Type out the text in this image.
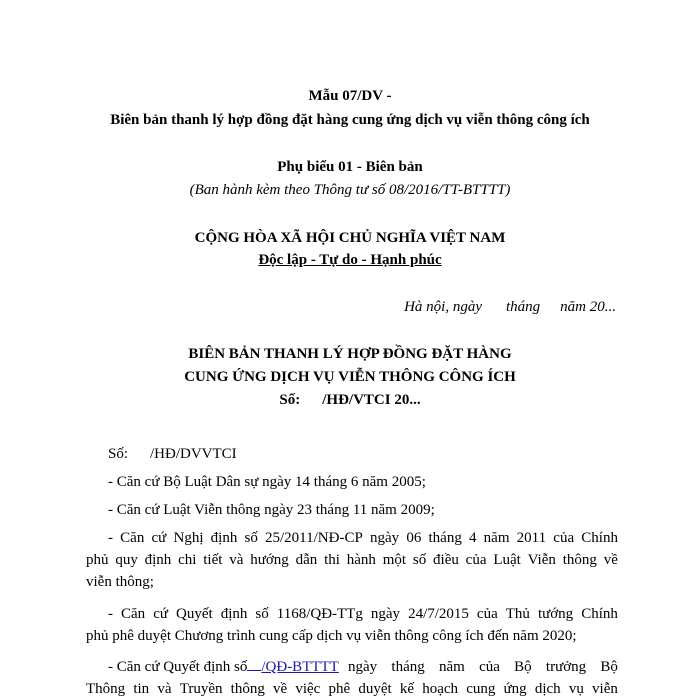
Mẫu 07/DV -
Biên bản thanh lý hợp đồng đặt hàng cung ứng dịch vụ viễn thông công ích
Phụ biểu 01 - Biên bản
(Ban hành kèm theo Thông tư số 08/2016/TT-BTTTT)
CỘNG HÒA XÃ HỘI CHỦ NGHĨA VIỆT NAM
Độc lập - Tự do - Hạnh phúc
Hà nội, ngày tháng năm 20...
BIÊN BẢN THANH LÝ HỢP ĐỒNG ĐẶT HÀNG
CUNG ỨNG DỊCH VỤ VIỄN THÔNG CÔNG ÍCH
Số: /HĐ/VTCI 20...
Số: /HĐ/DVVTCI
- Căn cứ Bộ Luật Dân sự ngày 14 tháng 6 năm 2005;
- Căn cứ Luật Viễn thông ngày 23 tháng 11 năm 2009;
- Căn cứ Nghị định số 25/2011/NĐ-CP ngày 06 tháng 4 năm 2011 của Chính
phủ quy định chi tiết và hướng dẫn thi hành một số điều của Luật Viễn thông về
viễn thông;
- Căn cứ Quyết định số 1168/QĐ-TTg ngày 24/7/2015 của Thủ tướng Chính
phủ phê duyệt Chương trình cung cấp dịch vụ viễn thông công ích đến năm 2020;
- Căn cứ Quyết định số /QĐ-BTTTT ngày tháng năm của Bộ trưởng Bộ
Thông tin và Truyền thông về việc phê duyệt kế hoạch cung ứng dịch vụ viễn
